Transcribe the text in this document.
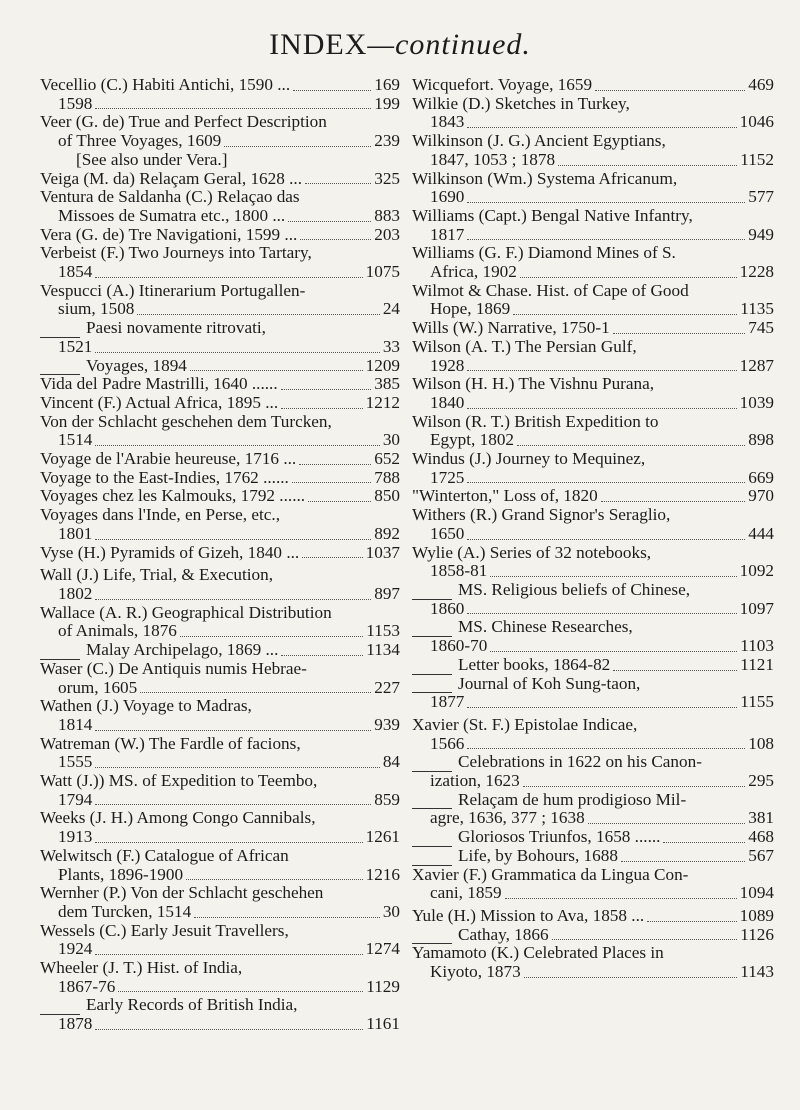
INDEX—continued.
Vecellio (C.) Habiti Antichi, 1590 ...	169
1598	199
Veer (G. de) True and Perfect Description
of Three Voyages, 1609	239
[See also under Vera.]
Veiga (M. da) Relaçam Geral, 1628 ...	325
Ventura de Saldanha (C.) Relaçao das
Missoes de Sumatra etc., 1800 ...	883
Vera (G. de) Tre Navigationi, 1599 ...	203
Verbeist (F.) Two Journeys into Tartary,
1854	1075
Vespucci (A.) Itinerarium Portugallen-
sium, 1508	24
Paesi novamente ritrovati,
1521	33
Voyages, 1894	1209
Vida del Padre Mastrilli, 1640 ......	385
Vincent (F.) Actual Africa, 1895 ...	1212
Von der Schlacht geschehen dem Turcken,
1514	30
Voyage de l'Arabie heureuse, 1716 ...	652
Voyage to the East-Indies, 1762 ......	788
Voyages chez les Kalmouks, 1792 ......	850
Voyages dans l'Inde, en Perse, etc.,
1801	892
Vyse (H.) Pyramids of Gizeh, 1840 ...	1037
Wall (J.) Life, Trial, & Execution,
1802	897
Wallace (A. R.) Geographical Distribution
of Animals, 1876	1153
Malay Archipelago, 1869 ...	1134
Waser (C.) De Antiquis numis Hebrae-
orum, 1605	227
Wathen (J.) Voyage to Madras,
1814	939
Watreman (W.) The Fardle of facions,
1555	84
Watt (J.)) MS. of Expedition to Teembo,
1794	859
Weeks (J. H.) Among Congo Cannibals,
1913	1261
Welwitsch (F.) Catalogue of African
Plants, 1896-1900	1216
Wernher (P.) Von der Schlacht geschehen
dem Turcken, 1514	30
Wessels (C.) Early Jesuit Travellers,
1924	1274
Wheeler (J. T.) Hist. of India,
1867-76	1129
Early Records of British India,
1878	1161
Wicquefort. Voyage, 1659	469
Wilkie (D.) Sketches in Turkey,
1843	1046
Wilkinson (J. G.) Ancient Egyptians,
1847, 1053 ; 1878	1152
Wilkinson (Wm.) Systema Africanum,
1690	577
Williams (Capt.) Bengal Native Infantry,
1817	949
Williams (G. F.) Diamond Mines of S.
Africa, 1902	1228
Wilmot & Chase. Hist. of Cape of Good
Hope, 1869	1135
Wills (W.) Narrative, 1750-1	745
Wilson (A. T.) The Persian Gulf,
1928	1287
Wilson (H. H.) The Vishnu Purana,
1840	1039
Wilson (R. T.) British Expedition to
Egypt, 1802	898
Windus (J.) Journey to Mequinez,
1725	669
"Winterton," Loss of, 1820	970
Withers (R.) Grand Signor's Seraglio,
1650	444
Wylie (A.) Series of 32 notebooks,
1858-81	1092
MS. Religious beliefs of Chinese,
1860	1097
MS. Chinese Researches,
1860-70	1103
Letter books, 1864-82	1121
Journal of Koh Sung-taon,
1877	1155
Xavier (St. F.) Epistolae Indicae,
1566	108
Celebrations in 1622 on his Canon-
ization, 1623	295
Relaçam de hum prodigioso Mil-
agre, 1636, 377 ; 1638	381
Gloriosos Triunfos, 1658 ......	468
Life, by Bohours, 1688	567
Xavier (F.) Grammatica da Lingua Con-
cani, 1859	1094
Yule (H.) Mission to Ava, 1858 ...	1089
Cathay, 1866	1126
Yamamoto (K.) Celebrated Places in
Kiyoto, 1873	1143
